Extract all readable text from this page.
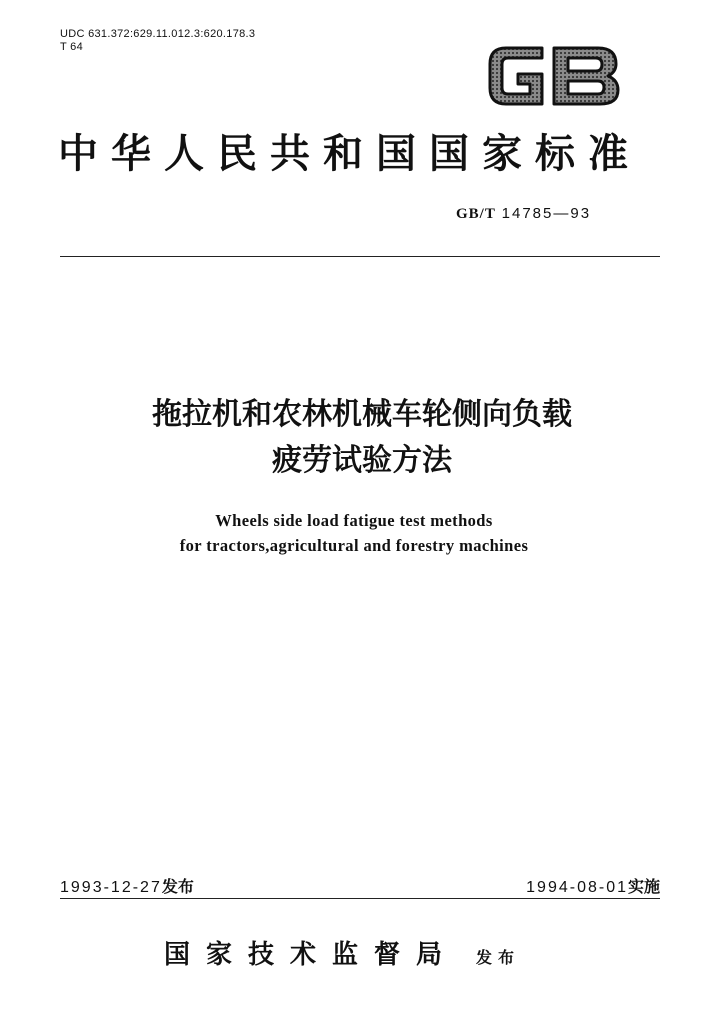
UDC 631.372:629.11.012.3:620.178.3
T 64
中华人民共和国国家标准
GB/T 14785—93
拖拉机和农林机械车轮侧向负载
疲劳试验方法
Wheels side load fatigue test methods
for tractors,agricultural and forestry machines
1993-12-27发布	1994-08-01实施
国家技术监督局 发布
